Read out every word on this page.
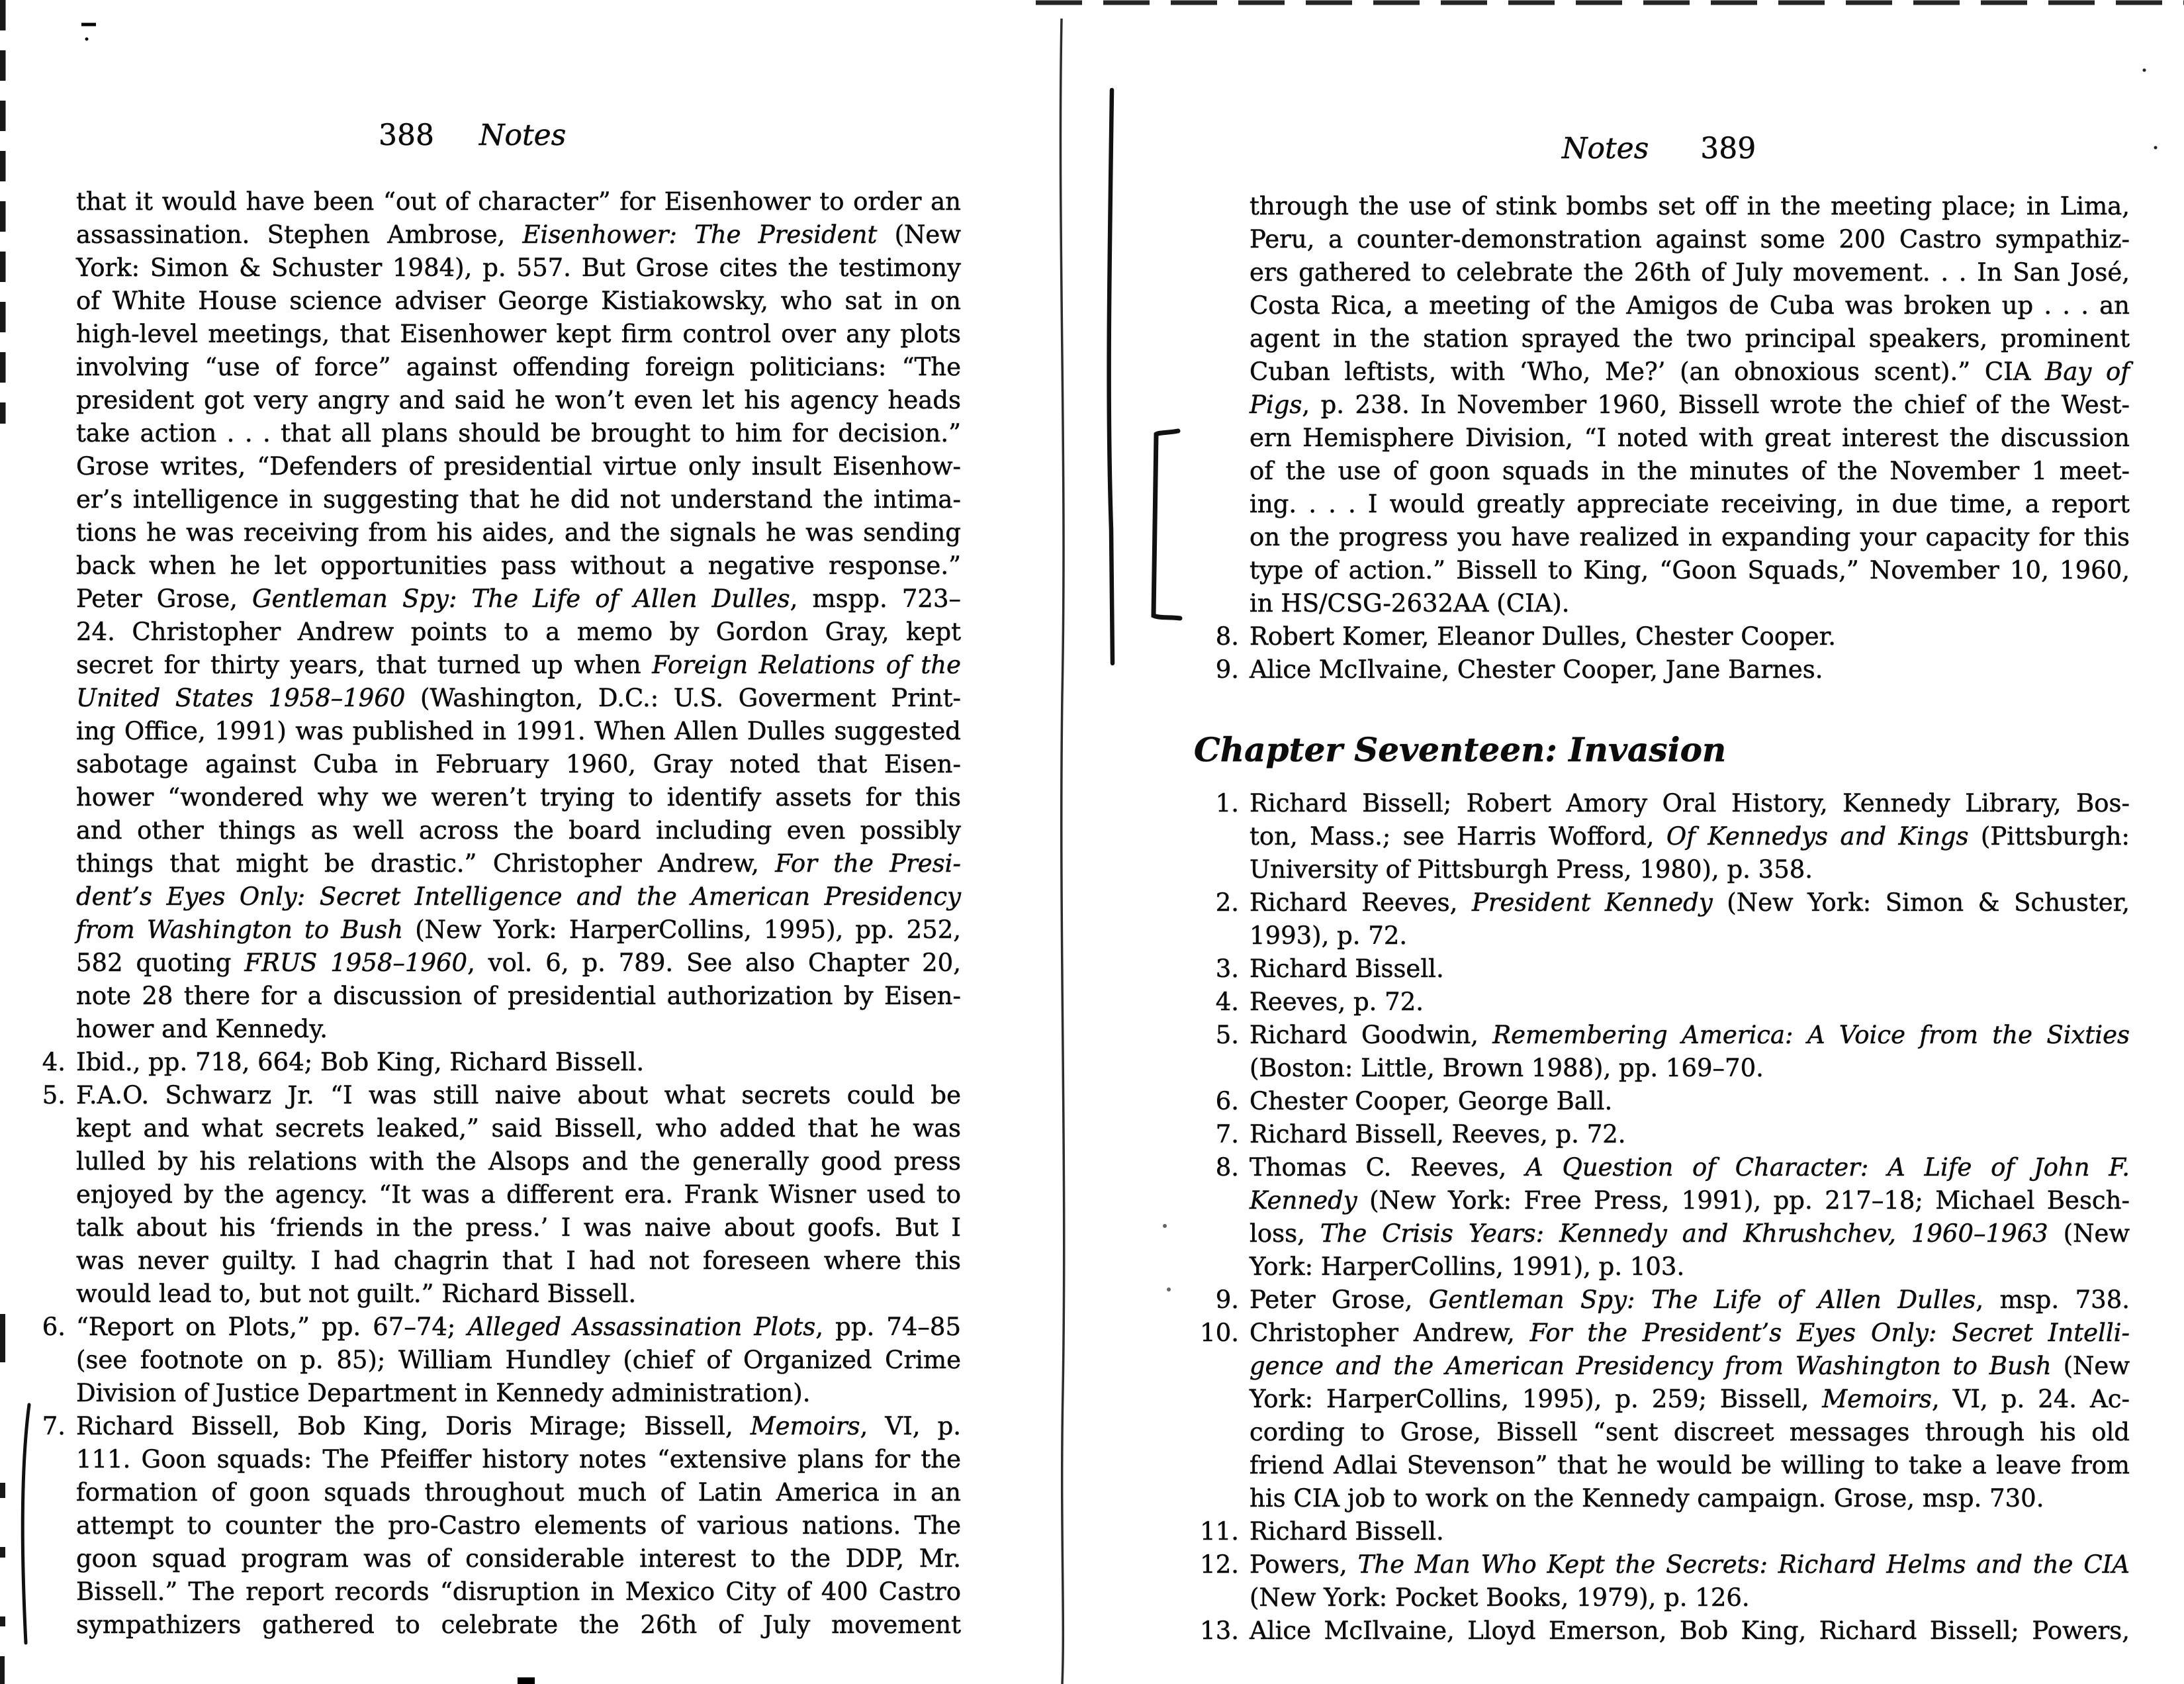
388 Notes
that it would have been “out of character” for Eisenhower to order an
assassination. Stephen Ambrose, Eisenhower: The President (New
York: Simon & Schuster 1984), p. 557. But Grose cites the testimony
of White House science adviser George Kistiakowsky, who sat in on
high-level meetings, that Eisenhower kept firm control over any plots
involving “use of force” against offending foreign politicians: “The
president got very angry and said he won’t even let his agency heads
take action . . . that all plans should be brought to him for decision.”
Grose writes, “Defenders of presidential virtue only insult Eisenhow-
er’s intelligence in suggesting that he did not understand the intima-
tions he was receiving from his aides, and the signals he was sending
back when he let opportunities pass without a negative response.”
Peter Grose, Gentleman Spy: The Life of Allen Dulles, mspp. 723–
24. Christopher Andrew points to a memo by Gordon Gray, kept
secret for thirty years, that turned up when Foreign Relations of the
United States 1958–1960 (Washington, D.C.: U.S. Goverment Print-
ing Office, 1991) was published in 1991. When Allen Dulles suggested
sabotage against Cuba in February 1960, Gray noted that Eisen-
hower “wondered why we weren’t trying to identify assets for this
and other things as well across the board including even possibly
things that might be drastic.” Christopher Andrew, For the Presi-
dent’s Eyes Only: Secret Intelligence and the American Presidency
from Washington to Bush (New York: HarperCollins, 1995), pp. 252,
582 quoting FRUS 1958–1960, vol. 6, p. 789. See also Chapter 20,
note 28 there for a discussion of presidential authorization by Eisen-
hower and Kennedy.
4. Ibid., pp. 718, 664; Bob King, Richard Bissell.
5. F.A.O. Schwarz Jr. “I was still naive about what secrets could be
kept and what secrets leaked,” said Bissell, who added that he was
lulled by his relations with the Alsops and the generally good press
enjoyed by the agency. “It was a different era. Frank Wisner used to
talk about his ‘friends in the press.’ I was naive about goofs. But I
was never guilty. I had chagrin that I had not foreseen where this
would lead to, but not guilt.” Richard Bissell.
6. “Report on Plots,” pp. 67–74; Alleged Assassination Plots, pp. 74–85
(see footnote on p. 85); William Hundley (chief of Organized Crime
Division of Justice Department in Kennedy administration).
7. Richard Bissell, Bob King, Doris Mirage; Bissell, Memoirs, VI, p.
111. Goon squads: The Pfeiffer history notes “extensive plans for the
formation of goon squads throughout much of Latin America in an
attempt to counter the pro-Castro elements of various nations. The
goon squad program was of considerable interest to the DDP, Mr.
Bissell.” The report records “disruption in Mexico City of 400 Castro
sympathizers gathered to celebrate the 26th of July movement
Notes 389
through the use of stink bombs set off in the meeting place; in Lima,
Peru, a counter-demonstration against some 200 Castro sympathiz-
ers gathered to celebrate the 26th of July movement. . . In San José,
Costa Rica, a meeting of the Amigos de Cuba was broken up . . . an
agent in the station sprayed the two principal speakers, prominent
Cuban leftists, with ‘Who, Me?’ (an obnoxious scent).” CIA Bay of
Pigs, p. 238. In November 1960, Bissell wrote the chief of the West-
ern Hemisphere Division, “I noted with great interest the discussion
of the use of goon squads in the minutes of the November 1 meet-
ing. . . . I would greatly appreciate receiving, in due time, a report
on the progress you have realized in expanding your capacity for this
type of action.” Bissell to King, “Goon Squads,” November 10, 1960,
in HS/CSG-2632AA (CIA).
8. Robert Komer, Eleanor Dulles, Chester Cooper.
9. Alice McIlvaine, Chester Cooper, Jane Barnes.
Chapter Seventeen: Invasion
1. Richard Bissell; Robert Amory Oral History, Kennedy Library, Bos-
ton, Mass.; see Harris Wofford, Of Kennedys and Kings (Pittsburgh:
University of Pittsburgh Press, 1980), p. 358.
2. Richard Reeves, President Kennedy (New York: Simon & Schuster,
1993), p. 72.
3. Richard Bissell.
4. Reeves, p. 72.
5. Richard Goodwin, Remembering America: A Voice from the Sixties
(Boston: Little, Brown 1988), pp. 169–70.
6. Chester Cooper, George Ball.
7. Richard Bissell, Reeves, p. 72.
8. Thomas C. Reeves, A Question of Character: A Life of John F.
Kennedy (New York: Free Press, 1991), pp. 217–18; Michael Besch-
loss, The Crisis Years: Kennedy and Khrushchev, 1960–1963 (New
York: HarperCollins, 1991), p. 103.
9. Peter Grose, Gentleman Spy: The Life of Allen Dulles, msp. 738.
10. Christopher Andrew, For the President’s Eyes Only: Secret Intelli-
gence and the American Presidency from Washington to Bush (New
York: HarperCollins, 1995), p. 259; Bissell, Memoirs, VI, p. 24. Ac-
cording to Grose, Bissell “sent discreet messages through his old
friend Adlai Stevenson” that he would be willing to take a leave from
his CIA job to work on the Kennedy campaign. Grose, msp. 730.
11. Richard Bissell.
12. Powers, The Man Who Kept the Secrets: Richard Helms and the CIA
(New York: Pocket Books, 1979), p. 126.
13. Alice McIlvaine, Lloyd Emerson, Bob King, Richard Bissell; Powers,
